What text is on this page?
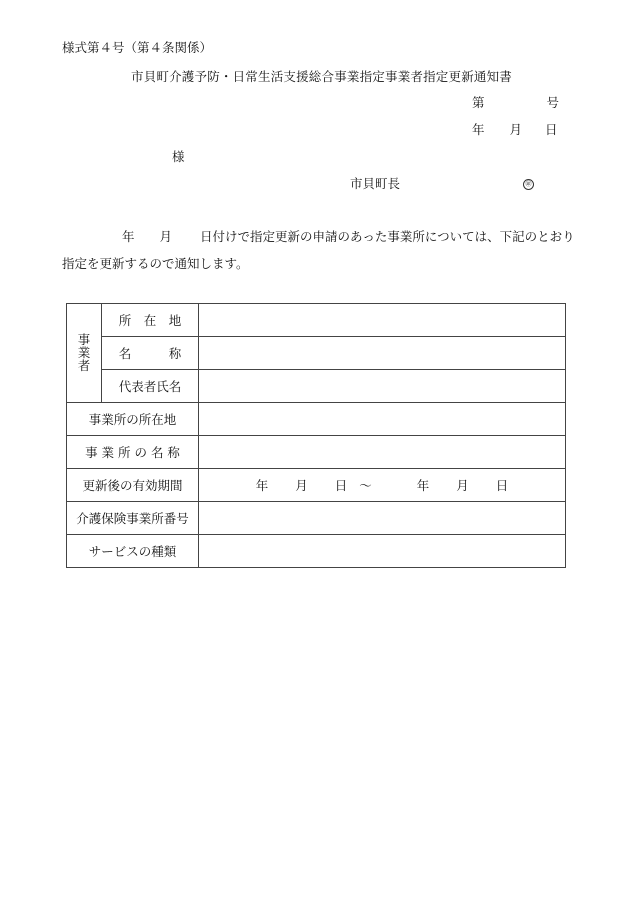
様式第４号（第４条関係）
市貝町介護予防・日常生活支援総合事業指定事業者指定更新通知書
第	号
年 月 日
様
市貝町長	㊞
年 月 日付けで指定更新の申請のあった事業所については、下記のとおり
指定を更新するので通知します。
事業者	所　在　地	
	名　　　称	
	代表者氏名	
事業所の所在地		
事 業 所 の 名 称		
更新後の有効期間		年 月 日 ～ 年 月 日
介護保険事業所番号		
サービスの種類		
